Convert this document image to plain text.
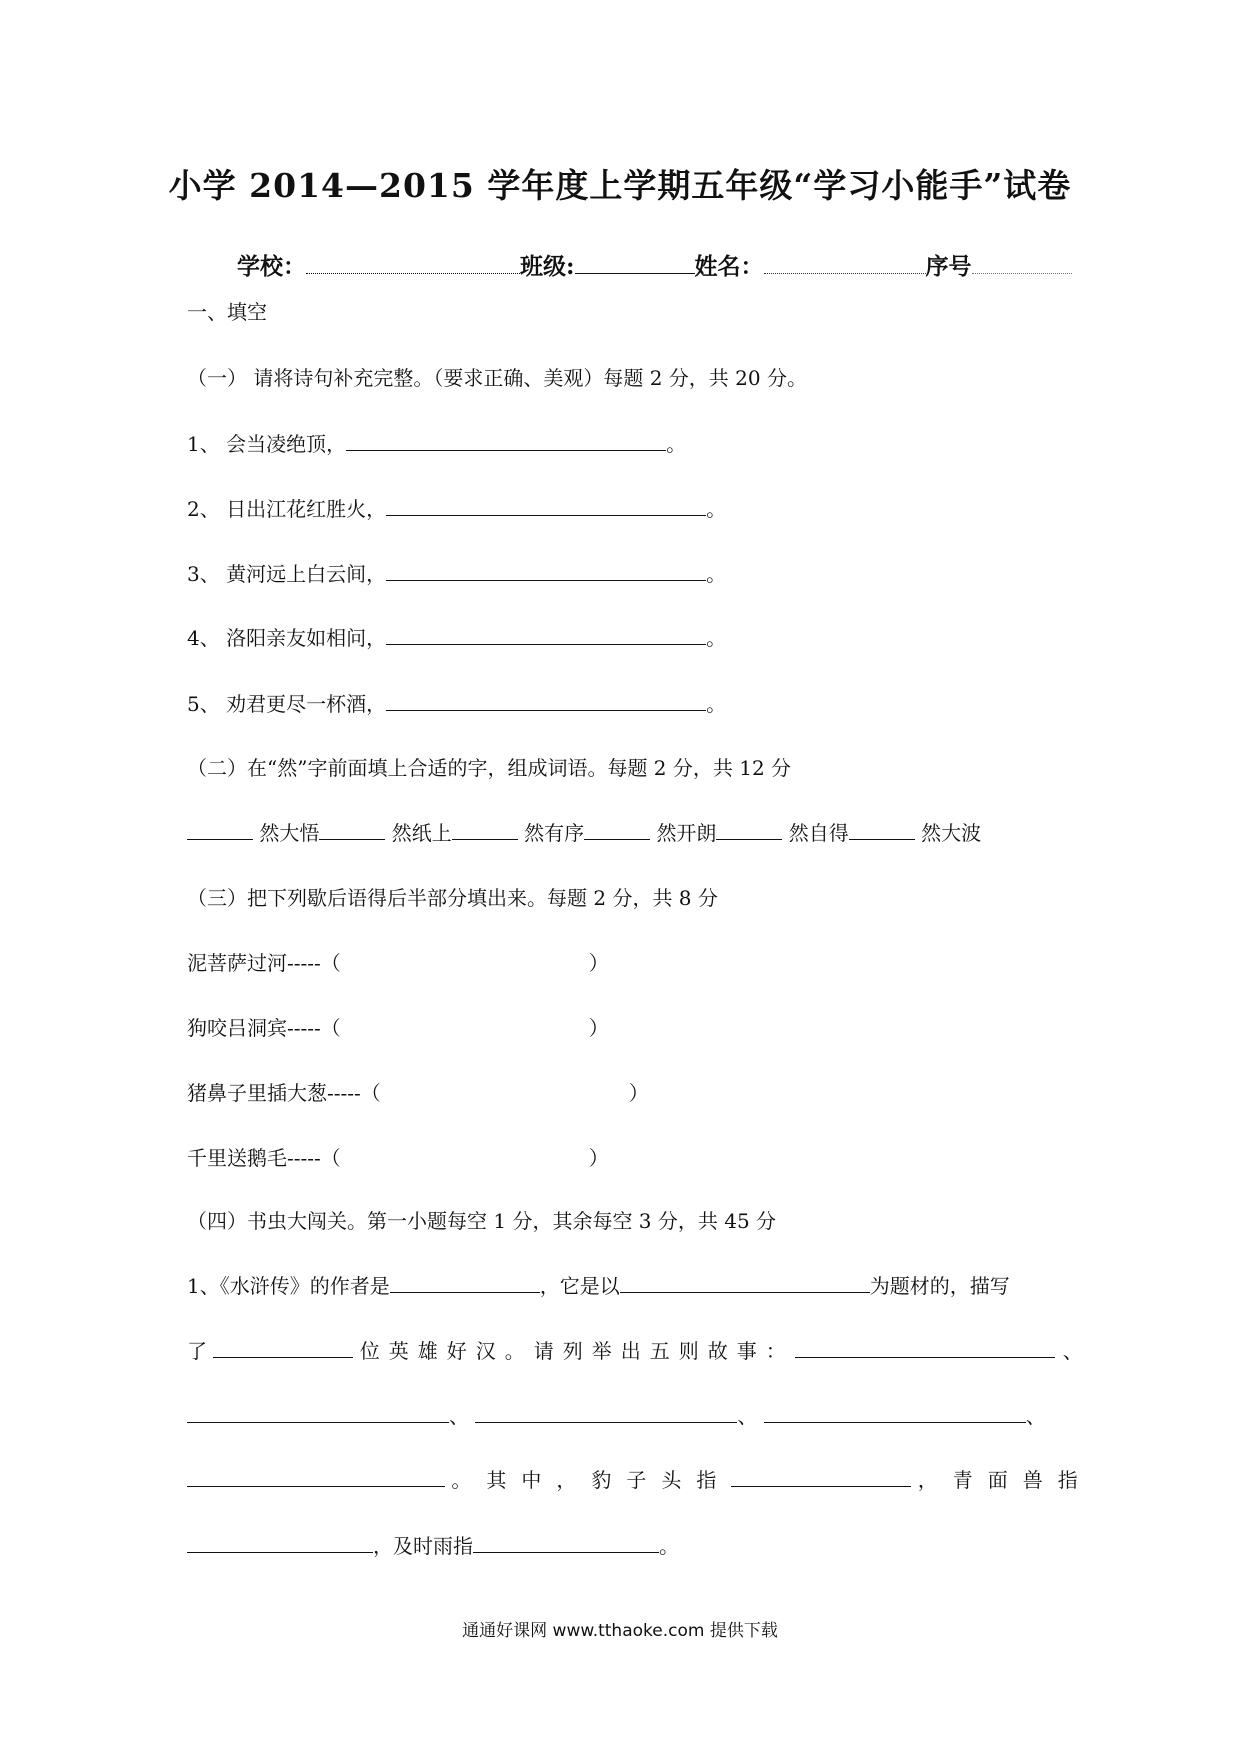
小学 2014—2015 学年度上学期五年级“学习小能手”试卷
学校：	班级:	姓名：	序号
一、填空
（一） 请将诗句补充完整。（要求正确、美观）每题 2 分，共 20 分。
1、 会当凌绝顶，	。
2、 日出江花红胜火，	。
3、 黄河远上白云间，	。
4、 洛阳亲友如相问，	。
5、 劝君更尽一杯酒，	。
（二）在“然”字前面填上合适的字，组成词语。每题 2 分，共 12 分
然大悟	然纸上	然有序	然开朗	然自得	然大波
（三）把下列歇后语得后半部分填出来。每题 2 分，共 8 分
泥菩萨过河-----（	）
狗咬吕洞宾-----（	）
猪鼻子里插大葱-----（	）
千里送鹅毛-----（	）
（四）书虫大闯关。第一小题每空 1 分，其余每空 3 分，共 45 分
1、《水浒传》的作者是	，它是以	为题材的，描写
了	位英雄好汉。请列举出五则故事：	、
、	、	、
。其中，豹子头指	，青面兽指
，及时雨指	。
通通好课网 www.tthaoke.com 提供下载
